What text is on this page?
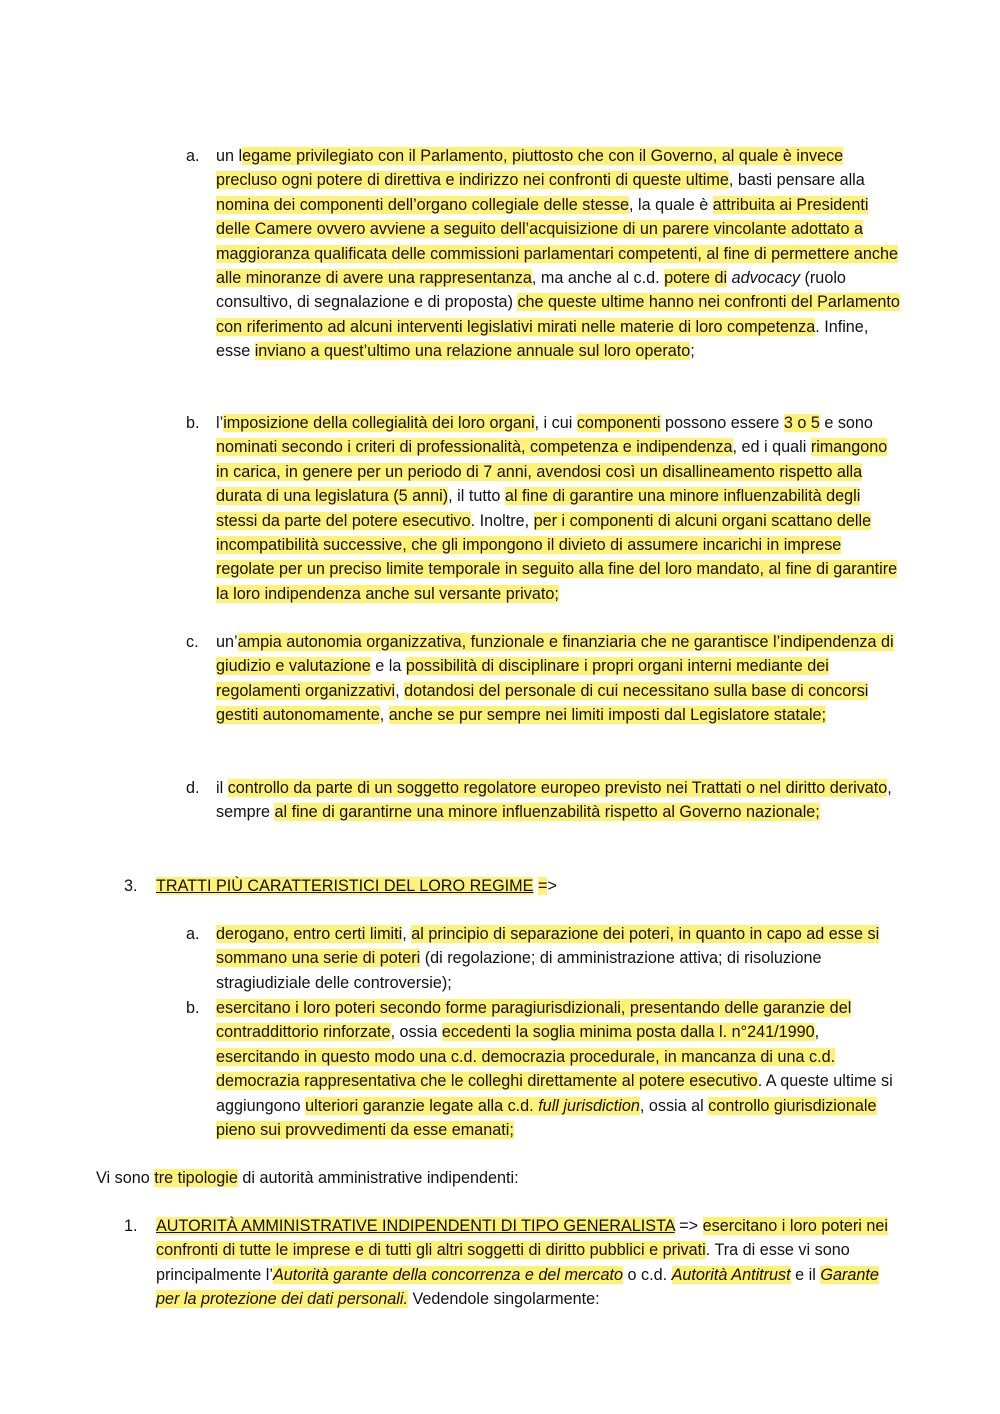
a. un legame privilegiato con il Parlamento, piuttosto che con il Governo, al quale è invece precluso ogni potere di direttiva e indirizzo nei confronti di queste ultime, basti pensare alla nomina dei componenti dell’organo collegiale delle stesse, la quale è attribuita ai Presidenti delle Camere ovvero avviene a seguito dell’acquisizione di un parere vincolante adottato a maggioranza qualificata delle commissioni parlamentari competenti, al fine di permettere anche alle minoranze di avere una rappresentanza, ma anche al c.d. potere di advocacy (ruolo consultivo, di segnalazione e di proposta) che queste ultime hanno nei confronti del Parlamento con riferimento ad alcuni interventi legislativi mirati nelle materie di loro competenza. Infine, esse inviano a quest’ultimo una relazione annuale sul loro operato;
b. l’imposizione della collegialità dei loro organi, i cui componenti possono essere 3 o 5 e sono nominati secondo i criteri di professionalità, competenza e indipendenza, ed i quali rimangono in carica, in genere per un periodo di 7 anni, avendosi così un disallineamento rispetto alla durata di una legislatura (5 anni), il tutto al fine di garantire una minore influenzabilità degli stessi da parte del potere esecutivo. Inoltre, per i componenti di alcuni organi scattano delle incompatibilità successive, che gli impongono il divieto di assumere incarichi in imprese regolate per un preciso limite temporale in seguito alla fine del loro mandato, al fine di garantire la loro indipendenza anche sul versante privato;
c. un’ampia autonomia organizzativa, funzionale e finanziaria che ne garantisce l’indipendenza di giudizio e valutazione e la possibilità di disciplinare i propri organi interni mediante dei regolamenti organizzativi, dotandosi del personale di cui necessitano sulla base di concorsi gestiti autonomamente, anche se pur sempre nei limiti imposti dal Legislatore statale;
d. il controllo da parte di un soggetto regolatore europeo previsto nei Trattati o nel diritto derivato, sempre al fine di garantirne una minore influenzabilità rispetto al Governo nazionale;
3. TRATTI PIÙ CARATTERISTICI DEL LORO REGIME =>
a. derogano, entro certi limiti, al principio di separazione dei poteri, in quanto in capo ad esse si sommano una serie di poteri (di regolazione; di amministrazione attiva; di risoluzione stragiudiziale delle controversie);
b. esercitano i loro poteri secondo forme paragiurisdizionali, presentando delle garanzie del contraddittorio rinforzate, ossia eccedenti la soglia minima posta dalla l. n°241/1990, esercitando in questo modo una c.d. democrazia procedurale, in mancanza di una c.d. democrazia rappresentativa che le colleghi direttamente al potere esecutivo. A queste ultime si aggiungono ulteriori garanzie legate alla c.d. full jurisdiction, ossia al controllo giurisdizionale pieno sui provvedimenti da esse emanati;
Vi sono tre tipologie di autorità amministrative indipendenti:
1. AUTORITÀ AMMINISTRATIVE INDIPENDENTI DI TIPO GENERALISTA => esercitano i loro poteri nei confronti di tutte le imprese e di tutti gli altri soggetti di diritto pubblici e privati. Tra di esse vi sono principalmente l’Autorità garante della concorrenza e del mercato o c.d. Autorità Antitrust e il Garante per la protezione dei dati personali. Vedendole singolarmente:
